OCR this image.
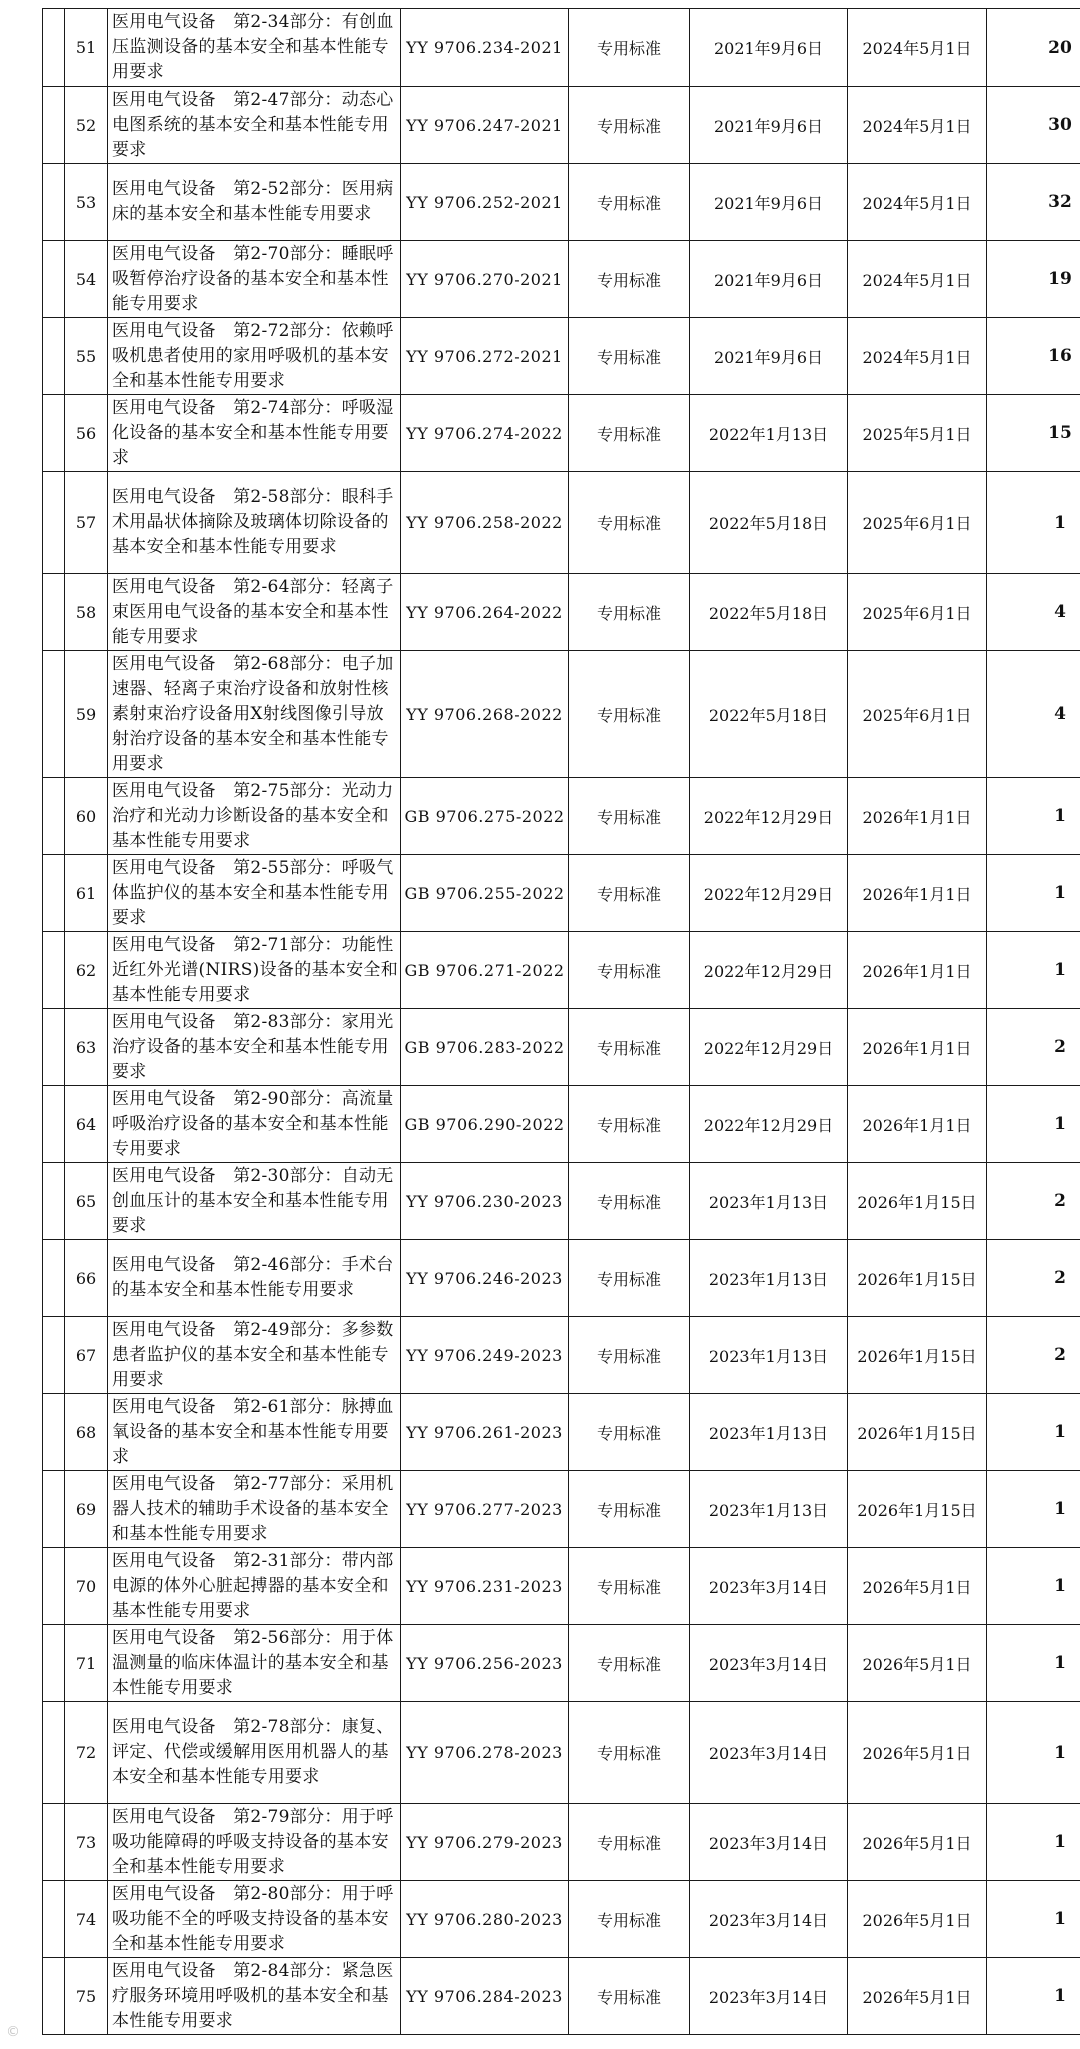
	51	医用电气设备　第2-34部分：有创血压监测设备的基本安全和基本性能专用要求	YY 9706.234-2021	专用标准	2021年9月6日	2024年5月1日	20
	52	医用电气设备　第2-47部分：动态心电图系统的基本安全和基本性能专用要求	YY 9706.247-2021	专用标准	2021年9月6日	2024年5月1日	30
	53	医用电气设备　第2-52部分：医用病床的基本安全和基本性能专用要求	YY 9706.252-2021	专用标准	2021年9月6日	2024年5月1日	32
	54	医用电气设备　第2-70部分：睡眠呼吸暂停治疗设备的基本安全和基本性能专用要求	YY 9706.270-2021	专用标准	2021年9月6日	2024年5月1日	19
	55	医用电气设备　第2-72部分：依赖呼吸机患者使用的家用呼吸机的基本安全和基本性能专用要求	YY 9706.272-2021	专用标准	2021年9月6日	2024年5月1日	16
	56	医用电气设备　第2-74部分：呼吸湿化设备的基本安全和基本性能专用要求	YY 9706.274-2022	专用标准	2022年1月13日	2025年5月1日	15
	57	医用电气设备　第2-58部分：眼科手术用晶状体摘除及玻璃体切除设备的基本安全和基本性能专用要求	YY 9706.258-2022	专用标准	2022年5月18日	2025年6月1日	1
	58	医用电气设备　第2-64部分：轻离子束医用电气设备的基本安全和基本性能专用要求	YY 9706.264-2022	专用标准	2022年5月18日	2025年6月1日	4
	59	医用电气设备　第2-68部分：电子加速器、轻离子束治疗设备和放射性核素射束治疗设备用X射线图像引导放射治疗设备的基本安全和基本性能专用要求	YY 9706.268-2022	专用标准	2022年5月18日	2025年6月1日	4
	60	医用电气设备　第2-75部分：光动力治疗和光动力诊断设备的基本安全和基本性能专用要求	GB 9706.275-2022	专用标准	2022年12月29日	2026年1月1日	1
	61	医用电气设备　第2-55部分：呼吸气体监护仪的基本安全和基本性能专用要求	GB 9706.255-2022	专用标准	2022年12月29日	2026年1月1日	1
	62	医用电气设备　第2-71部分：功能性近红外光谱(NIRS)设备的基本安全和基本性能专用要求	GB 9706.271-2022	专用标准	2022年12月29日	2026年1月1日	1
	63	医用电气设备　第2-83部分：家用光治疗设备的基本安全和基本性能专用要求	GB 9706.283-2022	专用标准	2022年12月29日	2026年1月1日	2
	64	医用电气设备　第2-90部分：高流量呼吸治疗设备的基本安全和基本性能专用要求	GB 9706.290-2022	专用标准	2022年12月29日	2026年1月1日	1
	65	医用电气设备　第2-30部分：自动无创血压计的基本安全和基本性能专用要求	YY 9706.230-2023	专用标准	2023年1月13日	2026年1月15日	2
	66	医用电气设备　第2-46部分：手术台的基本安全和基本性能专用要求	YY 9706.246-2023	专用标准	2023年1月13日	2026年1月15日	2
	67	医用电气设备　第2-49部分：多参数患者监护仪的基本安全和基本性能专用要求	YY 9706.249-2023	专用标准	2023年1月13日	2026年1月15日	2
	68	医用电气设备　第2-61部分：脉搏血氧设备的基本安全和基本性能专用要求	YY 9706.261-2023	专用标准	2023年1月13日	2026年1月15日	1
	69	医用电气设备　第2-77部分：采用机器人技术的辅助手术设备的基本安全和基本性能专用要求	YY 9706.277-2023	专用标准	2023年1月13日	2026年1月15日	1
	70	医用电气设备　第2-31部分：带内部电源的体外心脏起搏器的基本安全和基本性能专用要求	YY 9706.231-2023	专用标准	2023年3月14日	2026年5月1日	1
	71	医用电气设备　第2-56部分：用于体温测量的临床体温计的基本安全和基本性能专用要求	YY 9706.256-2023	专用标准	2023年3月14日	2026年5月1日	1
	72	医用电气设备　第2-78部分：康复、评定、代偿或缓解用医用机器人的基本安全和基本性能专用要求	YY 9706.278-2023	专用标准	2023年3月14日	2026年5月1日	1
	73	医用电气设备　第2-79部分：用于呼吸功能障碍的呼吸支持设备的基本安全和基本性能专用要求	YY 9706.279-2023	专用标准	2023年3月14日	2026年5月1日	1
	74	医用电气设备　第2-80部分：用于呼吸功能不全的呼吸支持设备的基本安全和基本性能专用要求	YY 9706.280-2023	专用标准	2023年3月14日	2026年5月1日	1
	75	医用电气设备　第2-84部分：紧急医疗服务环境用呼吸机的基本安全和基本性能专用要求	YY 9706.284-2023	专用标准	2023年3月14日	2026年5月1日	1
©
